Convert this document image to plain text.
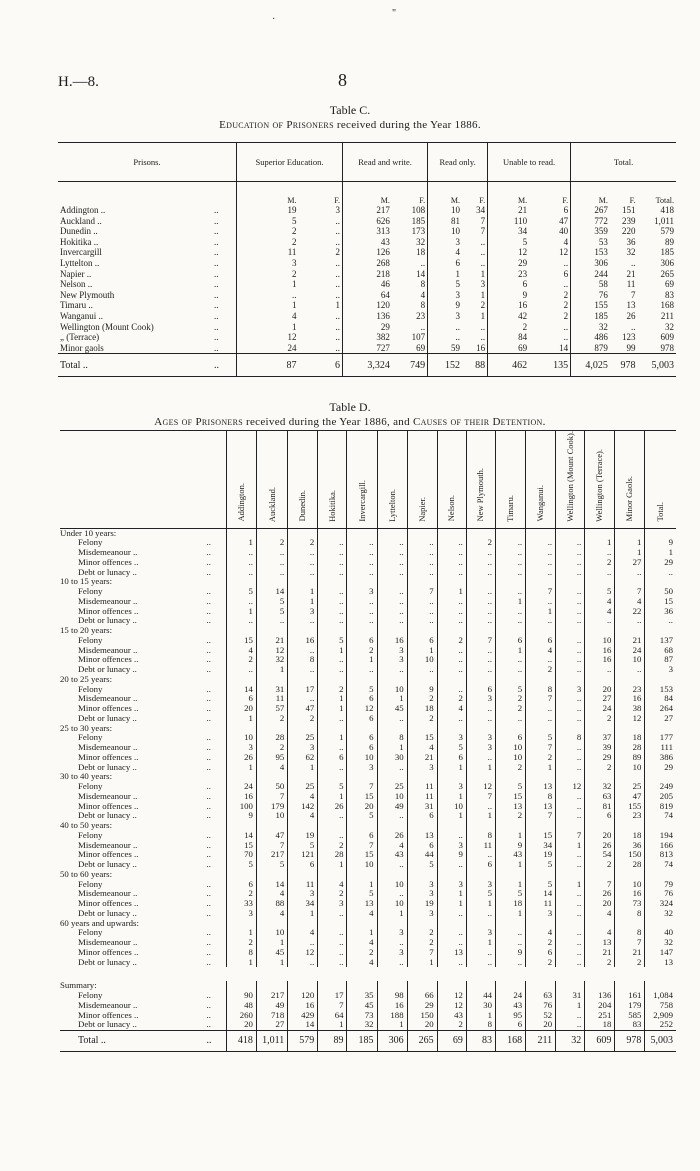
·
"
H.—8.	8
Table C.
Education of Prisoners received during the Year 1886.
Prisons.		Superior Education.		Read and write.		Read only.		Unable to read.		Total.		
		M.	F.	M.	F.	M.	F.	M.	F.	M.	F.	Total.
Addington ..	..	19	3	217	108	10	34	21	6	267	151	418
Auckland ..	..	5	..	626	185	81	7	110	47	772	239	1,011
Dunedin ..	..	2	..	313	173	10	7	34	40	359	220	579
Hokitika ..	..	2	..	43	32	3	..	5	4	53	36	89
Invercargill	..	11	2	126	18	4	..	12	12	153	32	185
Lyttelton ..	..	3	..	268	..	6	..	29	..	306	..	306
Napier ..	..	2	..	218	14	1	1	23	6	244	21	265
Nelson ..	..	1	..	46	8	5	3	6	..	58	11	69
New Plymouth	..	..	..	64	4	3	1	9	2	76	7	83
Timaru ..	..	1	1	120	8	9	2	16	2	155	13	168
Wanganui ..	..	4	..	136	23	3	1	42	2	185	26	211
Wellington (Mount Cook)	..	1	..	29	..	..	..	2	..	32	..	32
„ (Terrace)	..	12	..	382	107	..	..	84	..	486	123	609
Minor gaols	..	24	..	727	69	59	16	69	14	879	99	978
Total ..	..	87	6	3,324	749	152	88	462	135	4,025	978	5,003
Table D.
Ages of Prisoners received during the Year 1886, and Causes of their Detention.
		Addington.	Auckland.	Dunedin.	Hokitika.	Invercargill.	Lyttelton.	Napier.	Nelson.	New Plymouth.	Timaru.	Wanganui.	Wellington (Mount Cook).	Wellington (Terrace).	Minor Gaols.	Total.
Under 10 years:																
Felony	..	1	2	2	..	..	..	..	..	2	..	..	..	1	1	9
Misdemeanour ..	..	..	..	..	..	..	..	..	..	..	..	..	..	..	1	1
Minor offences ..	..	..	..	..	..	..	..	..	..	..	..	..	..	2	27	29
Debt or lunacy ..	..	..	..	..	..	..	..	..	..	..	..	..	..	..	..	..
10 to 15 years:																
Felony	..	5	14	1	..	3	..	7	1	..	..	7	..	5	7	50
Misdemeanour ..	..	..	5	1	..	..	..	..	..	..	1	..	..	4	4	15
Minor offences ..	..	1	5	3	..	..	..	..	..	..	..	1	..	4	22	36
Debt or lunacy ..	..	..	..	..	..	..	..	..	..	..	..	..	..	..	..	..
15 to 20 years:																
Felony	..	15	21	16	5	6	16	6	2	7	6	6	..	10	21	137
Misdemeanour ..	..	4	12	..	1	2	3	1	..	..	1	4	..	16	24	68
Minor offences ..	..	2	32	8	..	1	3	10	..	..	..	..	..	16	10	87
Debt or lunacy ..	..	..	1	..	..	..	..	..	..	..	..	2	..	..	..	3
20 to 25 years:																
Felony	..	14	31	17	2	5	10	9	..	6	5	8	3	20	23	153
Misdemeanour ..	..	6	11	..	1	6	1	2	2	3	2	7	..	27	16	84
Minor offences ..	..	20	57	47	1	12	45	18	4	..	2	..	..	24	38	264
Debt or lunacy ..	..	1	2	2	..	6	..	2	..	..	..	..	..	2	12	27
25 to 30 years:																
Felony	..	10	28	25	1	6	8	15	3	3	6	5	8	37	18	177
Misdemeanour ..	..	3	2	3	..	6	1	4	5	3	10	7	..	39	28	111
Minor offences ..	..	26	95	62	6	10	30	21	6	..	10	2	..	29	89	386
Debt or lunacy ..	..	1	4	1	..	3	..	3	1	1	2	1	..	2	10	29
30 to 40 years:																
Felony	..	24	50	25	5	7	25	11	3	12	5	13	12	32	25	249
Misdemeanour ..	..	16	7	4	1	15	10	11	1	7	15	8	..	63	47	205
Minor offences ..	..	100	179	142	26	20	49	31	10	..	13	13	..	81	155	819
Debt or lunacy ..	..	9	10	4	..	5	..	6	1	1	2	7	..	6	23	74
40 to 50 years:																
Felony	..	14	47	19	..	6	26	13	..	8	1	15	7	20	18	194
Misdemeanour ..	..	15	7	5	2	7	4	6	3	11	9	34	1	26	36	166
Minor offences ..	..	70	217	121	28	15	43	44	9	..	43	19	..	54	150	813
Debt or lunacy ..	..	5	5	6	1	10	..	5	..	6	1	5	..	2	28	74
50 to 60 years:																
Felony	..	6	14	11	4	1	10	3	3	3	1	5	1	7	10	79
Misdemeanour ..	..	2	4	3	2	5	..	3	1	5	5	14	..	26	16	76
Minor offences ..	..	33	88	34	3	13	10	19	1	1	18	11	..	20	73	324
Debt or lunacy ..	..	3	4	1	..	4	1	3	..	..	1	3	..	4	8	32
60 years and upwards:																
Felony	..	1	10	4	..	1	3	2	..	3	..	4	..	4	8	40
Misdemeanour ..	..	2	1	..	..	4	..	2	..	1	..	2	..	13	7	32
Minor offences ..	..	8	45	12	..	2	3	7	13	..	9	6	..	21	21	147
Debt or lunacy ..	..	1	1	..	..	4	..	1	..	..	..	2	..	2	2	13

Summary:																
Felony	..	90	217	120	17	35	98	66	12	44	24	63	31	136	161	1,084
Misdemeanour ..	..	48	49	16	7	45	16	29	12	30	43	76	1	204	179	758
Minor offences ..	..	260	718	429	64	73	188	150	43	1	95	52	..	251	585	2,909
Debt or lunacy ..	..	20	27	14	1	32	1	20	2	8	6	20	..	18	83	252
Total ..	..	418	1,011	579	89	185	306	265	69	83	168	211	32	609	978	5,003
